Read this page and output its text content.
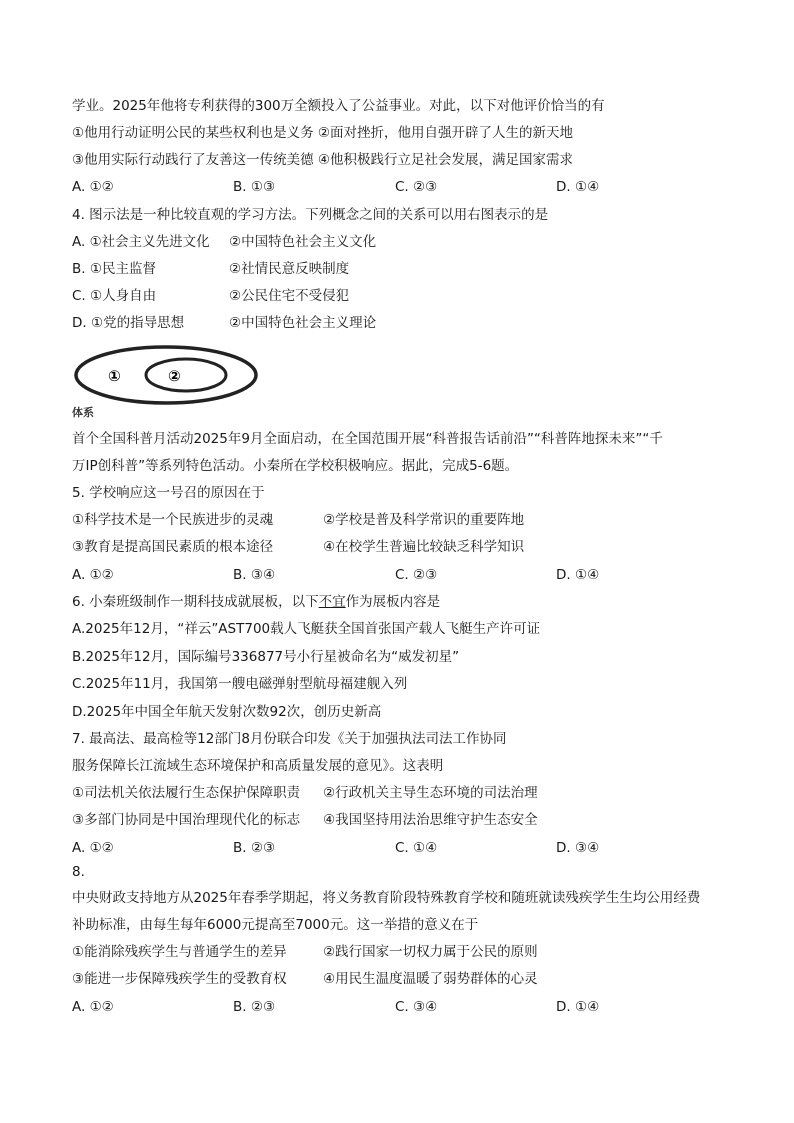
学业。2025年他将专利获得的300万全额投入了公益事业。对此，以下对他评价恰当的有
①他用行动证明公民的某些权利也是义务 ②面对挫折，他用自强开辟了人生的新天地
③他用实际行动践行了友善这一传统美德 ④他积极践行立足社会发展，满足国家需求
A. ①②	B. ①③	C. ②③	D. ①④
4. 图示法是一种比较直观的学习方法。下列概念之间的关系可以用右图表示的是
A. ①社会主义先进文化 ②中国特色社会主义文化
B. ①民主监督	②社情民意反映制度
C. ①人身自由	②公民住宅不受侵犯
D. ①党的指导思想	②中国特色社会主义理论
①	②
体系
首个全国科普月活动2025年9月全面启动，在全国范围开展“科普报告话前沿”“科普阵地探未来”“千
万IP创科普”等系列特色活动。小秦所在学校积极响应。据此，完成5-6题。
5. 学校响应这一号召的原因在于
①科学技术是一个民族进步的灵魂	②学校是普及科学常识的重要阵地
③教育是提高国民素质的根本途径	④在校学生普遍比较缺乏科学知识
A. ①②	B. ③④	C. ②③	D. ①④
6. 小秦班级制作一期科技成就展板，以下不宜作为展板内容是
A.2025年12月，“祥云”AST700载人飞艇获全国首张国产载人飞艇生产许可证
B.2025年12月，国际编号336877号小行星被命名为“威发初星”
C.2025年11月，我国第一艘电磁弹射型航母福建舰入列
D.2025年中国全年航天发射次数92次，创历史新高
7. 最高法、最高检等12部门8月份联合印发《关于加强执法司法工作协同
服务保障长江流域生态环境保护和高质量发展的意见》。这表明
①司法机关依法履行生态保护保障职责 ②行政机关主导生态环境的司法治理
③多部门协同是中国治理现代化的标志 ④我国坚持用法治思维守护生态安全
A. ①②	B. ②③	C. ①④	D. ③④
8.
中央财政支持地方从2025年春季学期起，将义务教育阶段特殊教育学校和随班就读残疾学生生均公用经费
补助标准，由每生每年6000元提高至7000元。这一举措的意义在于
①能消除残疾学生与普通学生的差异	②践行国家一切权力属于公民的原则
③能进一步保障残疾学生的受教育权	④用民生温度温暖了弱势群体的心灵
A. ①②	B. ②③	C. ③④	D. ①④
